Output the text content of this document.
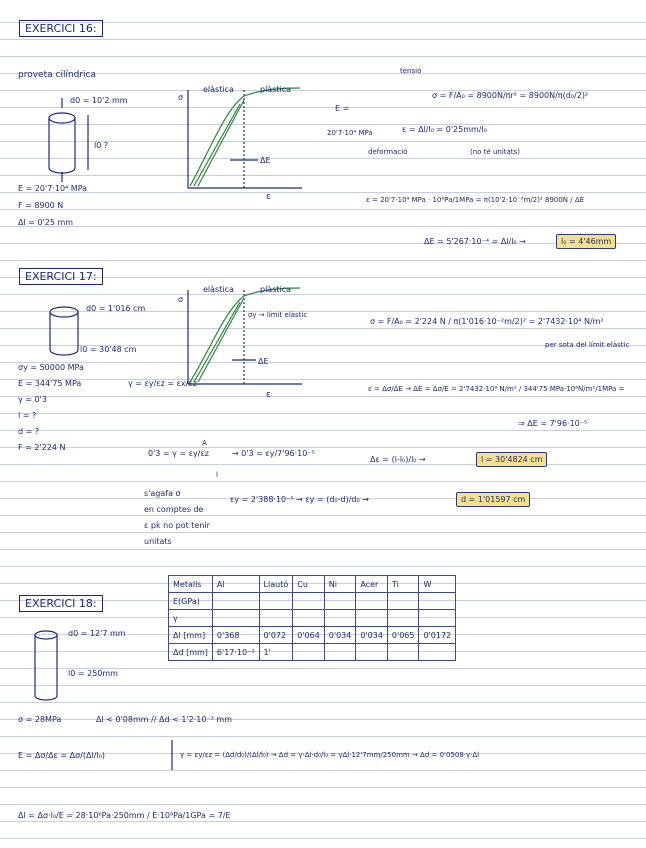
EXERCICI 16:
proveta cilíndrica
d0 = 10'2 mm
l0 ?
E = 20'7·10⁴ MPa
F = 8900 N
Δl = 0'25 mm
σ
elàstica	plàstica
ΔE
ε
tensió
E =
20'7·10⁴ MPa
σ = F/A₀ = 8900N/πr² = 8900N/π(d₀/2)²
ε = Δl/l₀ = 0'25mm/l₀
deformació	(no té unitats)
ε = 20'7·10⁴ MPa · 10⁶Pa/1MPa = π(10'2·10⁻³m/2)² 8900N / ΔE
ΔE = 5'267·10⁻⁴ = Δl/l₀ →	l₀ = 4'46mm
EXERCICI 17:
d0 = 1'016 cm
l0 = 30'48 cm
σy = 50000 MPa
E = 344'75 MPa
γ = 0'3
l = ?
d = ?
F = 2'224 N
σ
elàstica	plàstica
σy → límit elàstic
ΔE
ε
σ = F/A₀ = 2'224 N / π(1'016·10⁻²m/2)² = 2'7432·10⁴ N/m²
per sota del límit elàstic
γ = εy/εz = εx/εz
ε = Δσ/ΔE → ΔE = Δσ/E = 2'7432·10⁴ N/m² / 344'75 MPa·10⁶N/m²/1MPa =
⇒ ΔE = 7'96·10⁻⁵
0'3 = γ = εy/εz
A
l
→ 0'3 = εy/7'96·10⁻⁵
Δε = (l-l₀)/l₀ →	l = 30'4824 cm
s'agafa σ
en comptes de
ε pk no pot tenir
unitats
εy = 2'388·10⁻⁵ → εy = (d₀-d)/d₀ →	d = 1'01597 cm
EXERCICI 18:
d0 = 12'7 mm
l0 = 250mm
Metalls	Al	Llautó	Cu	Ni	Acer	Ti	W
E(GPa)							
γ							
Δl [mm]	0'368	0'072	0'064	0'034	0'034	0'065	0'0172
Δd [mm]	6'17·10⁻³	1'					
σ = 28MPa	Δl < 0'08mm // Δd < 1'2·10⁻³ mm
E = Δσ/Δε = Δσ/(Δl/l₀)	γ = εy/εz = (Δd/d₀)/(Δl/l₀) → Δd = γ·Δl·d₀/l₀ = γΔl·12'7mm/250mm → Δd = 0'0508·γ·Δl
Δl = Δσ·l₀/E = 28·10⁶Pa·250mm / E·10⁹Pa/1GPa = 7/E
